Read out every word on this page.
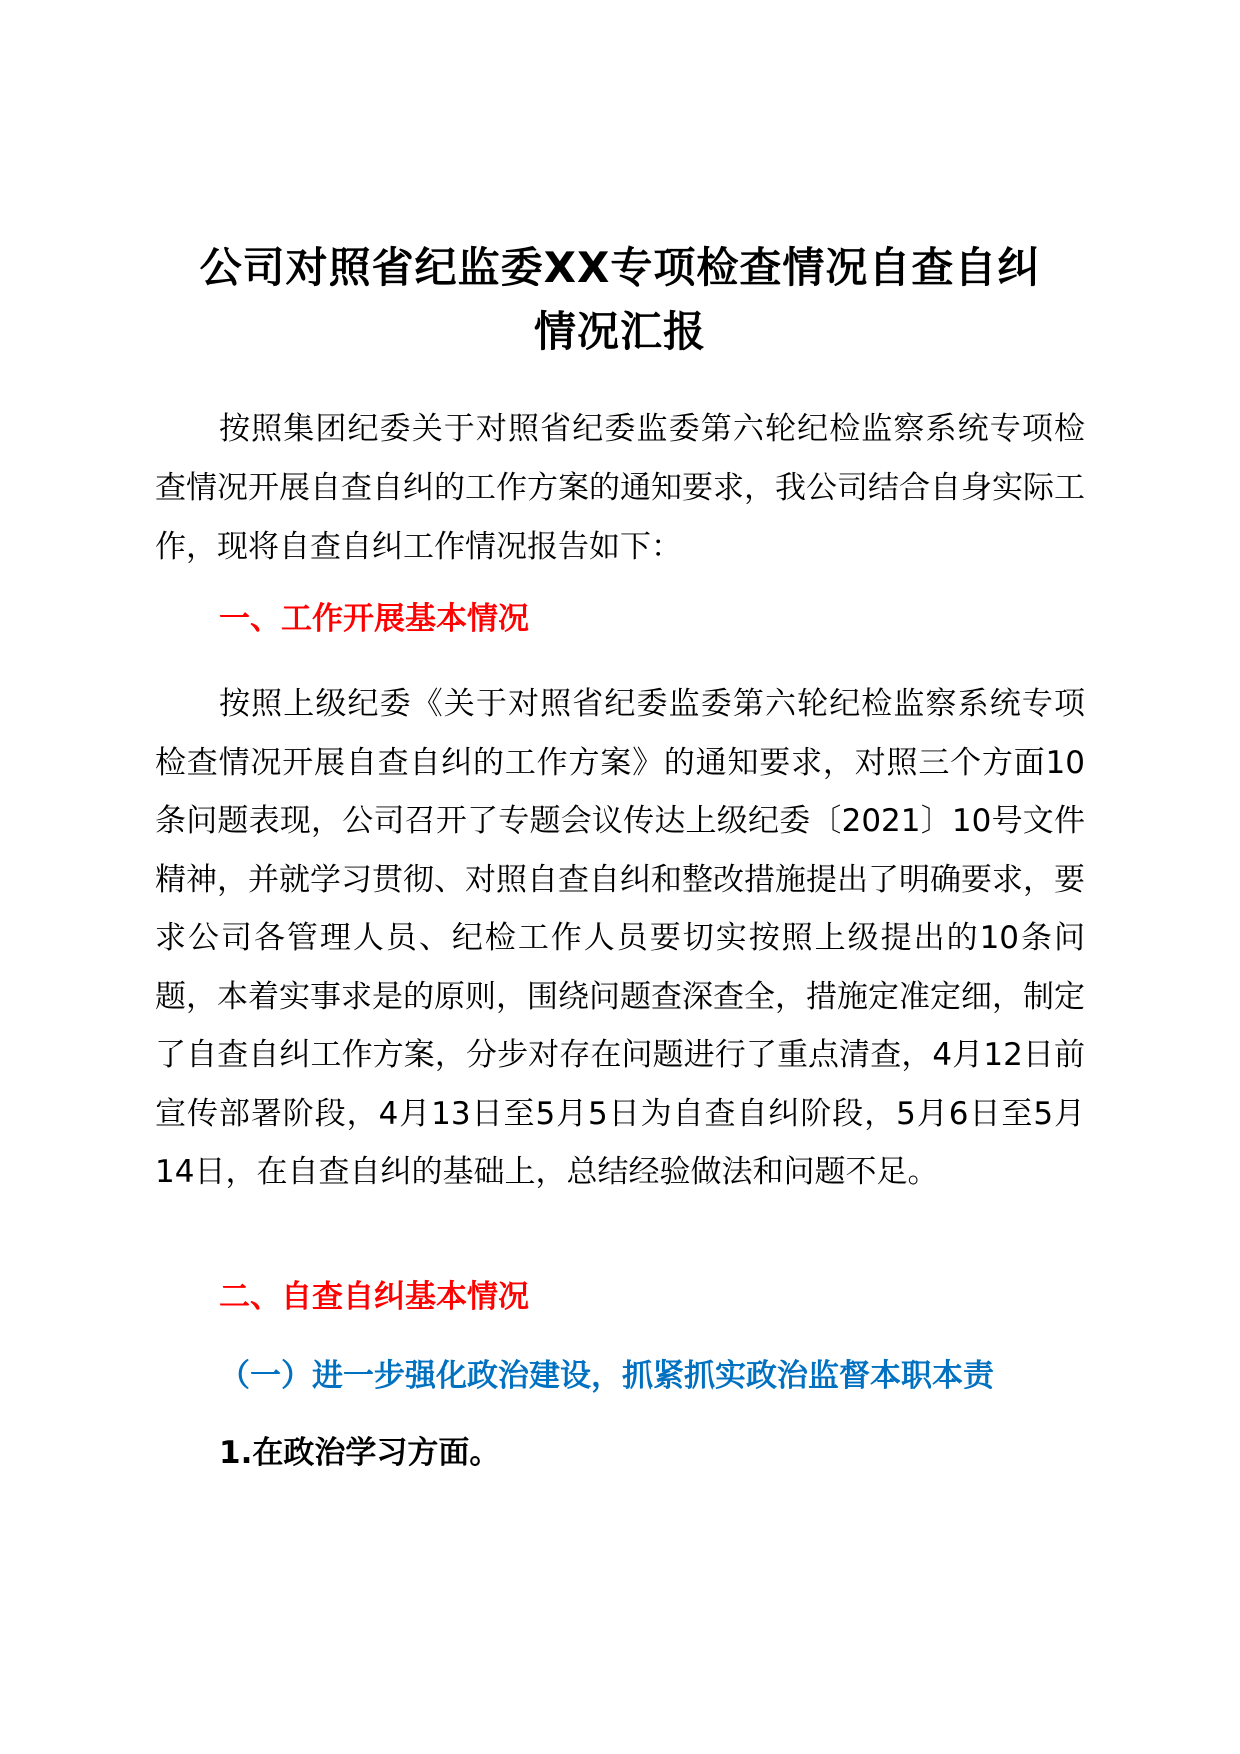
公司对照省纪监委XX专项检查情况自查自纠
情况汇报

按照集团纪委关于对照省纪委监委第六轮纪检监察系统专项检查情况开展自查自纠的工作方案的通知要求，我公司结合自身实际工作，现将自查自纠工作情况报告如下：

一、工作开展基本情况

按照上级纪委《关于对照省纪委监委第六轮纪检监察系统专项检查情况开展自查自纠的工作方案》的通知要求，对照三个方面10条问题表现，公司召开了专题会议传达上级纪委〔2021〕10号文件精神，并就学习贯彻、对照自查自纠和整改措施提出了明确要求，要求公司各管理人员、纪检工作人员要切实按照上级提出的10条问题，本着实事求是的原则，围绕问题查深查全，措施定准定细，制定了自查自纠工作方案，分步对存在问题进行了重点清查，4月12日前宣传部署阶段，4月13日至5月5日为自查自纠阶段，5月6日至5月14日，在自查自纠的基础上，总结经验做法和问题不足。

二、自查自纠基本情况
（一）进一步强化政治建设，抓紧抓实政治监督本职本责
1.在政治学习方面。
